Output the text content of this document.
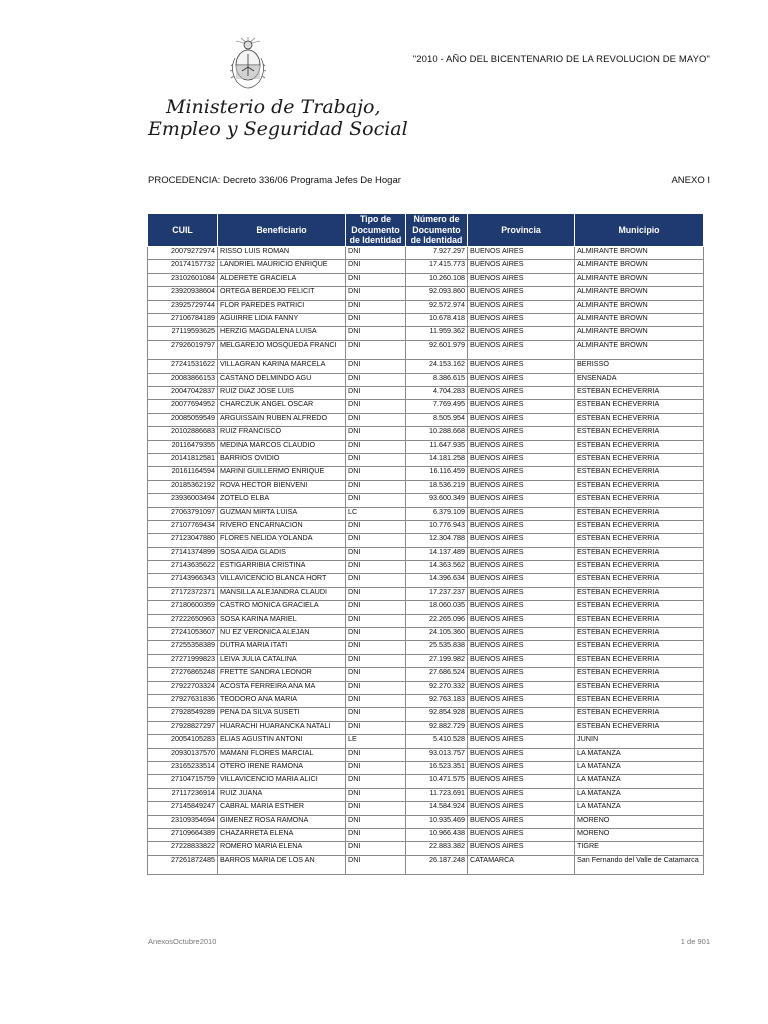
Ministerio de Trabajo,
Empleo y Seguridad Social
"2010 - AÑO DEL BICENTENARIO DE LA REVOLUCION DE MAYO"
PROCEDENCIA: Decreto 336/06 Programa Jefes De Hogar	ANEXO I
CUIL	Beneficiario	Tipo de Documento de Identidad	Número de Documento de Identidad	Provincia	Municipio
20079272974	RISSO LUIS ROMAN	DNI	7.927.297	BUENOS AIRES	ALMIRANTE BROWN
20174157732	LANDRIEL MAURICIO ENRIQUE	DNI	17.415.773	BUENOS AIRES	ALMIRANTE BROWN
23102601084	ALDERETE GRACIELA	DNI	10.260.108	BUENOS AIRES	ALMIRANTE BROWN
23920938604	ORTEGA BERDEJO FELICIT	DNI	92.093.860	BUENOS AIRES	ALMIRANTE BROWN
23925729744	FLOR PAREDES PATRICI	DNI	92.572.974	BUENOS AIRES	ALMIRANTE BROWN
27106784189	AGUIRRE LIDIA FANNY	DNI	10.678.418	BUENOS AIRES	ALMIRANTE BROWN
27119593625	HERZIG MAGDALENA LUISA	DNI	11.959.362	BUENOS AIRES	ALMIRANTE BROWN
27926019797	MELGAREJO MOSQUEDA FRANCI	DNI	92.601.979	BUENOS AIRES	ALMIRANTE BROWN
27241531622	VILLAGRAN KARINA MARCELA	DNI	24.153.162	BUENOS AIRES	BERISSO
20083866153	CASTANO DELMINDO AGU	DNI	8.386.615	BUENOS AIRES	ENSENADA
20047042837	RUIZ DIAZ JOSE LUIS	DNI	4.704.283	BUENOS AIRES	ESTEBAN ECHEVERRIA
20077694952	CHARCZUK ANGEL OSCAR	DNI	7.769.495	BUENOS AIRES	ESTEBAN ECHEVERRIA
20085059549	ARGUISSAIN RUBEN ALFREDO	DNI	8.505.954	BUENOS AIRES	ESTEBAN ECHEVERRIA
20102886683	RUIZ FRANCISCO	DNI	10.288.668	BUENOS AIRES	ESTEBAN ECHEVERRIA
20116479355	MEDINA MARCOS CLAUDIO	DNI	11.647.935	BUENOS AIRES	ESTEBAN ECHEVERRIA
20141812581	BARRIOS OVIDIO	DNI	14.181.258	BUENOS AIRES	ESTEBAN ECHEVERRIA
20161164594	MARINI GUILLERMO ENRIQUE	DNI	16.116.459	BUENOS AIRES	ESTEBAN ECHEVERRIA
20185362192	ROVA HECTOR BIENVENI	DNI	18.536.219	BUENOS AIRES	ESTEBAN ECHEVERRIA
23936003494	ZOTELO ELBA	DNI	93.600.349	BUENOS AIRES	ESTEBAN ECHEVERRIA
27063791097	GUZMAN MIRTA LUISA	LC	6.379.109	BUENOS AIRES	ESTEBAN ECHEVERRIA
27107769434	RIVERO ENCARNACION	DNI	10.776.943	BUENOS AIRES	ESTEBAN ECHEVERRIA
27123047880	FLORES NELIDA YOLANDA	DNI	12.304.788	BUENOS AIRES	ESTEBAN ECHEVERRIA
27141374899	SOSA AIDA GLADIS	DNI	14.137.489	BUENOS AIRES	ESTEBAN ECHEVERRIA
27143635622	ESTIGARRIBIA CRISTINA	DNI	14.363.562	BUENOS AIRES	ESTEBAN ECHEVERRIA
27143966343	VILLAVICENCIO BLANCA HORT	DNI	14.396.634	BUENOS AIRES	ESTEBAN ECHEVERRIA
27172372371	MANSILLA ALEJANDRA CLAUDI	DNI	17.237.237	BUENOS AIRES	ESTEBAN ECHEVERRIA
27180600359	CASTRO MONICA GRACIELA	DNI	18.060.035	BUENOS AIRES	ESTEBAN ECHEVERRIA
27222650963	SOSA KARINA MARIEL	DNI	22.265.096	BUENOS AIRES	ESTEBAN ECHEVERRIA
27241053607	NU EZ VERONICA ALEJAN	DNI	24.105.360	BUENOS AIRES	ESTEBAN ECHEVERRIA
27255358389	DUTRA MARIA ITATI	DNI	25.535.838	BUENOS AIRES	ESTEBAN ECHEVERRIA
27271999823	LEIVA JULIA CATALINA	DNI	27.199.982	BUENOS AIRES	ESTEBAN ECHEVERRIA
27276865248	FRETTE SANDRA LEONOR	DNI	27.686.524	BUENOS AIRES	ESTEBAN ECHEVERRIA
27922703324	ACOSTA FERREIRA ANA MA	DNI	92.270.332	BUENOS AIRES	ESTEBAN ECHEVERRIA
27927631836	TEODORO ANA MARIA	DNI	92.763.183	BUENOS AIRES	ESTEBAN ECHEVERRIA
27928549289	PENA DA SILVA SUSETI	DNI	92.854.928	BUENOS AIRES	ESTEBAN ECHEVERRIA
27928827297	HUARACHI HUARANCKA NATALI	DNI	92.882.729	BUENOS AIRES	ESTEBAN ECHEVERRIA
20054105283	ELIAS AGUSTIN ANTONI	LE	5.410.528	BUENOS AIRES	JUNIN
20930137570	MAMANI FLORES MARCIAL	DNI	93.013.757	BUENOS AIRES	LA MATANZA
23165233514	OTERO IRENE RAMONA	DNI	16.523.351	BUENOS AIRES	LA MATANZA
27104715759	VILLAVICENCIO MARIA ALICI	DNI	10.471.575	BUENOS AIRES	LA MATANZA
27117236914	RUIZ JUANA	DNI	11.723.691	BUENOS AIRES	LA MATANZA
27145849247	CABRAL MARIA ESTHER	DNI	14.584.924	BUENOS AIRES	LA MATANZA
23109354694	GIMENEZ ROSA RAMONA	DNI	10.935.469	BUENOS AIRES	MORENO
27109664389	CHAZARRETA ELENA	DNI	10.966.438	BUENOS AIRES	MORENO
27228833822	ROMERO MARIA ELENA	DNI	22.883.382	BUENOS AIRES	TIGRE
27261872485	BARROS MARIA DE LOS AN	DNI	26.187.248	CATAMARCA	San Fernando del Valle de Catamarca
AnexosOctubre2010	1 de 901
